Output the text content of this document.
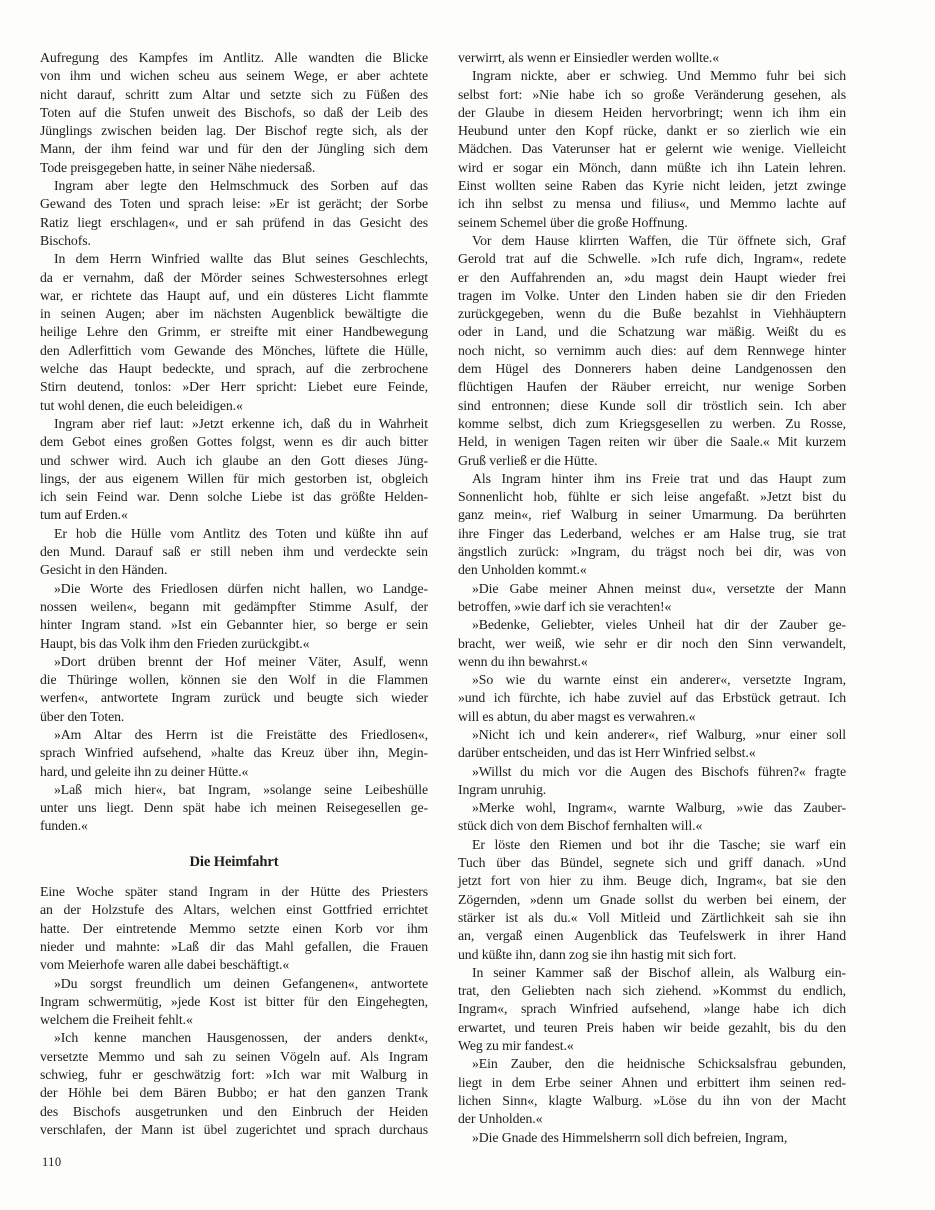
Aufregung des Kampfes im Antlitz. Alle wandten die Blicke
von ihm und wichen scheu aus seinem Wege, er aber achtete
nicht darauf, schritt zum Altar und setzte sich zu Füßen des
Toten auf die Stufen unweit des Bischofs, so daß der Leib des
Jünglings zwischen beiden lag. Der Bischof regte sich, als der
Mann, der ihm feind war und für den der Jüngling sich dem
Tode preisgegeben hatte, in seiner Nähe niedersaß.

Ingram aber legte den Helmschmuck des Sorben auf das
Gewand des Toten und sprach leise: »Er ist gerächt; der Sorbe
Ratiz liegt erschlagen«, und er sah prüfend in das Gesicht des
Bischofs.

In dem Herrn Winfried wallte das Blut seines Geschlechts,
da er vernahm, daß der Mörder seines Schwestersohnes erlegt
war, er richtete das Haupt auf, und ein düsteres Licht flammte
in seinen Augen; aber im nächsten Augenblick bewältigte die
heilige Lehre den Grimm, er streifte mit einer Handbewegung
den Adlerfittich vom Gewande des Mönches, lüftete die Hülle,
welche das Haupt bedeckte, und sprach, auf die zerbrochene
Stirn deutend, tonlos: »Der Herr spricht: Liebet eure Feinde,
tut wohl denen, die euch beleidigen.«

Ingram aber rief laut: »Jetzt erkenne ich, daß du in Wahrheit
dem Gebot eines großen Gottes folgst, wenn es dir auch bitter
und schwer wird. Auch ich glaube an den Gott dieses Jüng-
lings, der aus eigenem Willen für mich gestorben ist, obgleich
ich sein Feind war. Denn solche Liebe ist das größte Helden-
tum auf Erden.«

Er hob die Hülle vom Antlitz des Toten und küßte ihn auf
den Mund. Darauf saß er still neben ihm und verdeckte sein
Gesicht in den Händen.

»Die Worte des Friedlosen dürfen nicht hallen, wo Landge-
nossen weilen«, begann mit gedämpfter Stimme Asulf, der
hinter Ingram stand. »Ist ein Gebannter hier, so berge er sein
Haupt, bis das Volk ihm den Frieden zurückgibt.«

»Dort drüben brennt der Hof meiner Väter, Asulf, wenn
die Thüringe wollen, können sie den Wolf in die Flammen
werfen«, antwortete Ingram zurück und beugte sich wieder
über den Toten.

»Am Altar des Herrn ist die Freistätte des Friedlosen«,
sprach Winfried aufsehend, »halte das Kreuz über ihn, Megin-
hard, und geleite ihn zu deiner Hütte.«

»Laß mich hier«, bat Ingram, »solange seine Leibeshülle
unter uns liegt. Denn spät habe ich meinen Reisegesellen ge-
funden.«

Die Heimfahrt

Eine Woche später stand Ingram in der Hütte des Priesters
an der Holzstufe des Altars, welchen einst Gottfried errichtet
hatte. Der eintretende Memmo setzte einen Korb vor ihm
nieder und mahnte: »Laß dir das Mahl gefallen, die Frauen
vom Meierhofe waren alle dabei beschäftigt.«

»Du sorgst freundlich um deinen Gefangenen«, antwortete
Ingram schwermütig, »jede Kost ist bitter für den Eingehegten,
welchem die Freiheit fehlt.«

»Ich kenne manchen Hausgenossen, der anders denkt«,
versetzte Memmo und sah zu seinen Vögeln auf. Als Ingram
schwieg, fuhr er geschwätzig fort: »Ich war mit Walburg in
der Höhle bei dem Bären Bubbo; er hat den ganzen Trank
des Bischofs ausgetrunken und den Einbruch der Heiden
verschlafen, der Mann ist übel zugerichtet und sprach durchaus

verwirrt, als wenn er Einsiedler werden wollte.«

Ingram nickte, aber er schwieg. Und Memmo fuhr bei sich
selbst fort: »Nie habe ich so große Veränderung gesehen, als
der Glaube in diesem Heiden hervorbringt; wenn ich ihm ein
Heubund unter den Kopf rücke, dankt er so zierlich wie ein
Mädchen. Das Vaterunser hat er gelernt wie wenige. Vielleicht
wird er sogar ein Mönch, dann müßte ich ihn Latein lehren.
Einst wollten seine Raben das Kyrie nicht leiden, jetzt zwinge
ich ihn selbst zu mensa und filius«, und Memmo lachte auf
seinem Schemel über die große Hoffnung.

Vor dem Hause klirrten Waffen, die Tür öffnete sich, Graf
Gerold trat auf die Schwelle. »Ich rufe dich, Ingram«, redete
er den Auffahrenden an, »du magst dein Haupt wieder frei
tragen im Volke. Unter den Linden haben sie dir den Frieden
zurückgegeben, wenn du die Buße bezahlst in Viehhäuptern
oder in Land, und die Schatzung war mäßig. Weißt du es
noch nicht, so vernimm auch dies: auf dem Rennwege hinter
dem Hügel des Donnerers haben deine Landgenossen den
flüchtigen Haufen der Räuber erreicht, nur wenige Sorben
sind entronnen; diese Kunde soll dir tröstlich sein. Ich aber
komme selbst, dich zum Kriegsgesellen zu werben. Zu Rosse,
Held, in wenigen Tagen reiten wir über die Saale.« Mit kurzem
Gruß verließ er die Hütte.

Als Ingram hinter ihm ins Freie trat und das Haupt zum
Sonnenlicht hob, fühlte er sich leise angefaßt. »Jetzt bist du
ganz mein«, rief Walburg in seiner Umarmung. Da berührten
ihre Finger das Lederband, welches er am Halse trug, sie trat
ängstlich zurück: »Ingram, du trägst noch bei dir, was von
den Unholden kommt.«

»Die Gabe meiner Ahnen meinst du«, versetzte der Mann
betroffen, »wie darf ich sie verachten!«

»Bedenke, Geliebter, vieles Unheil hat dir der Zauber ge-
bracht, wer weiß, wie sehr er dir noch den Sinn verwandelt,
wenn du ihn bewahrst.«

»So wie du warnte einst ein anderer«, versetzte Ingram,
»und ich fürchte, ich habe zuviel auf das Erbstück getraut. Ich
will es abtun, du aber magst es verwahren.«

»Nicht ich und kein anderer«, rief Walburg, »nur einer soll
darüber entscheiden, und das ist Herr Winfried selbst.«

»Willst du mich vor die Augen des Bischofs führen?« fragte
Ingram unruhig.

»Merke wohl, Ingram«, warnte Walburg, »wie das Zauber-
stück dich von dem Bischof fernhalten will.«

Er löste den Riemen und bot ihr die Tasche; sie warf ein
Tuch über das Bündel, segnete sich und griff danach. »Und
jetzt fort von hier zu ihm. Beuge dich, Ingram«, bat sie den
Zögernden, »denn um Gnade sollst du werben bei einem, der
stärker ist als du.« Voll Mitleid und Zärtlichkeit sah sie ihn
an, vergaß einen Augenblick das Teufelswerk in ihrer Hand
und küßte ihn, dann zog sie ihn hastig mit sich fort.

In seiner Kammer saß der Bischof allein, als Walburg ein-
trat, den Geliebten nach sich ziehend. »Kommst du endlich,
Ingram«, sprach Winfried aufsehend, »lange habe ich dich
erwartet, und teuren Preis haben wir beide gezahlt, bis du den
Weg zu mir fandest.«

»Ein Zauber, den die heidnische Schicksalsfrau gebunden,
liegt in dem Erbe seiner Ahnen und erbittert ihm seinen red-
lichen Sinn«, klagte Walburg. »Löse du ihn von der Macht
der Unholden.«

»Die Gnade des Himmelsherrn soll dich befreien, Ingram,

110
